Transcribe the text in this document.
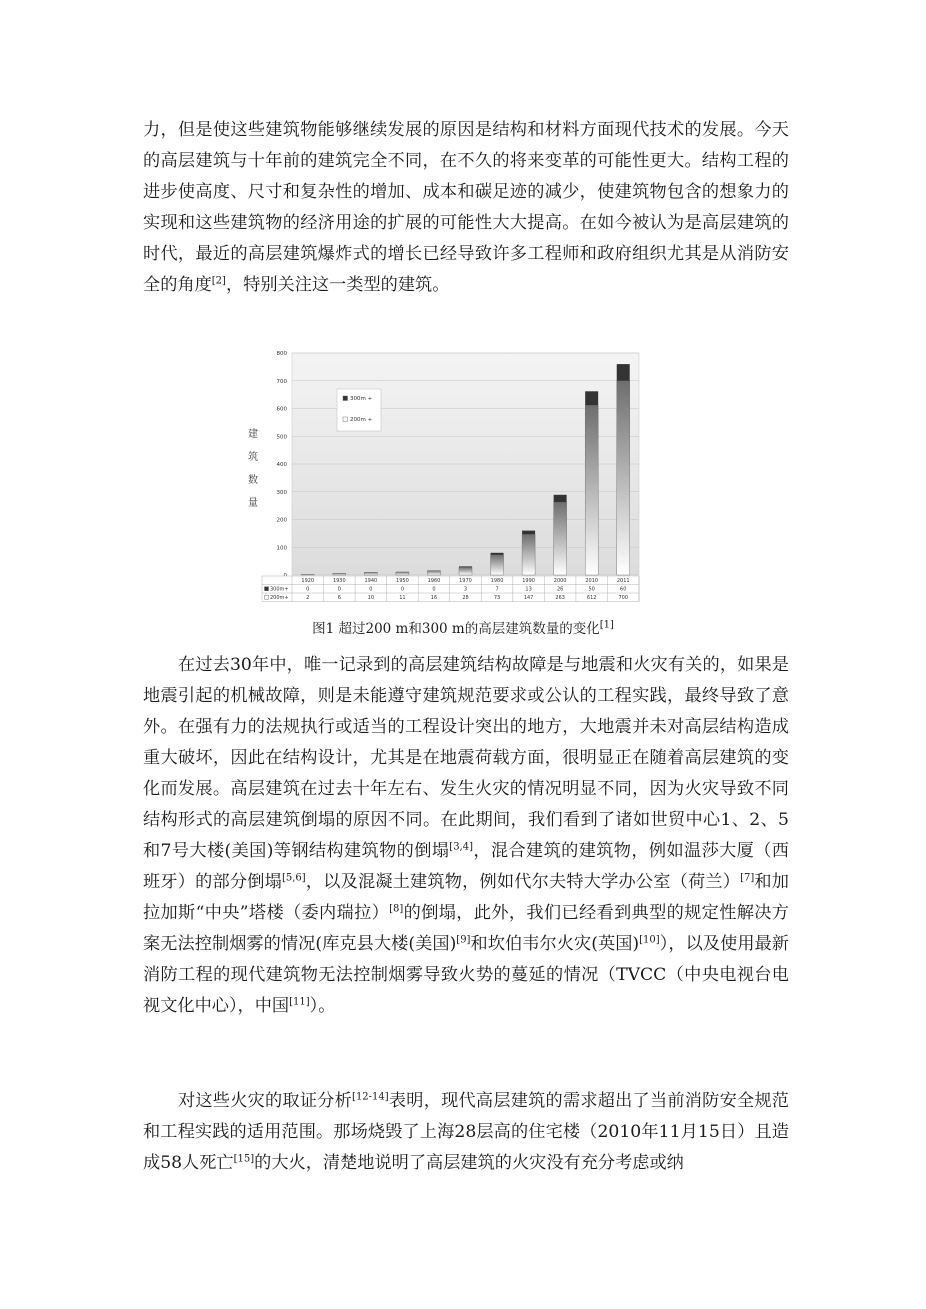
力，但是使这些建筑物能够继续发展的原因是结构和材料方面现代技术的发展。今天的高层建筑与十年前的建筑完全不同，在不久的将来变革的可能性更大。结构工程的进步使高度、尺寸和复杂性的增加、成本和碳足迹的减少，使建筑物包含的想象力的实现和这些建筑物的经济用途的扩展的可能性大大提高。在如今被认为是高层建筑的时代，最近的高层建筑爆炸式的增长已经导致许多工程师和政府组织尤其是从消防安全的角度[2]，特别关注这一类型的建筑。

100
200
300
400
500
600
700
800
300m +
200m +
建
筑
数
量
1920
0
2
1930
0
6
1940
0
10
1950
0
11
1960
0
16
1970
3
28
1980
7
73
1990
13
147
2000
26
263
2010
50
612
2011
60
700
300m+
200m+
图1 超过200 m和300 m的高层建筑数量的变化[1]

在过去30年中，唯一记录到的高层建筑结构故障是与地震和火灾有关的，如果是地震引起的机械故障，则是未能遵守建筑规范要求或公认的工程实践，最终导致了意外。在强有力的法规执行或适当的工程设计突出的地方，大地震并未对高层结构造成重大破坏，因此在结构设计，尤其是在地震荷载方面，很明显正在随着高层建筑的变化而发展。高层建筑在过去十年左右、发生火灾的情况明显不同，因为火灾导致不同结构形式的高层建筑倒塌的原因不同。在此期间，我们看到了诸如世贸中心1、2、5和7号大楼(美国)等钢结构建筑物的倒塌[3,4]，混合建筑的建筑物，例如温莎大厦（西班牙）的部分倒塌[5,6]，以及混凝土建筑物，例如代尔夫特大学办公室（荷兰）[7]和加拉加斯“中央”塔楼（委内瑞拉）[8]的倒塌，此外，我们已经看到典型的规定性解决方案无法控制烟雾的情况(库克县大楼(美国)[9]和坎伯韦尔火灾(英国)[10]），以及使用最新消防工程的现代建筑物无法控制烟雾导致火势的蔓延的情况（TVCC（中央电视台电视文化中心），中国[11]）。

对这些火灾的取证分析[12-14]表明，现代高层建筑的需求超出了当前消防安全规范和工程实践的适用范围。那场烧毁了上海28层高的住宅楼（2010年11月15日）且造成58人死亡[15]的大火，清楚地说明了高层建筑的火灾没有充分考虑或纳
